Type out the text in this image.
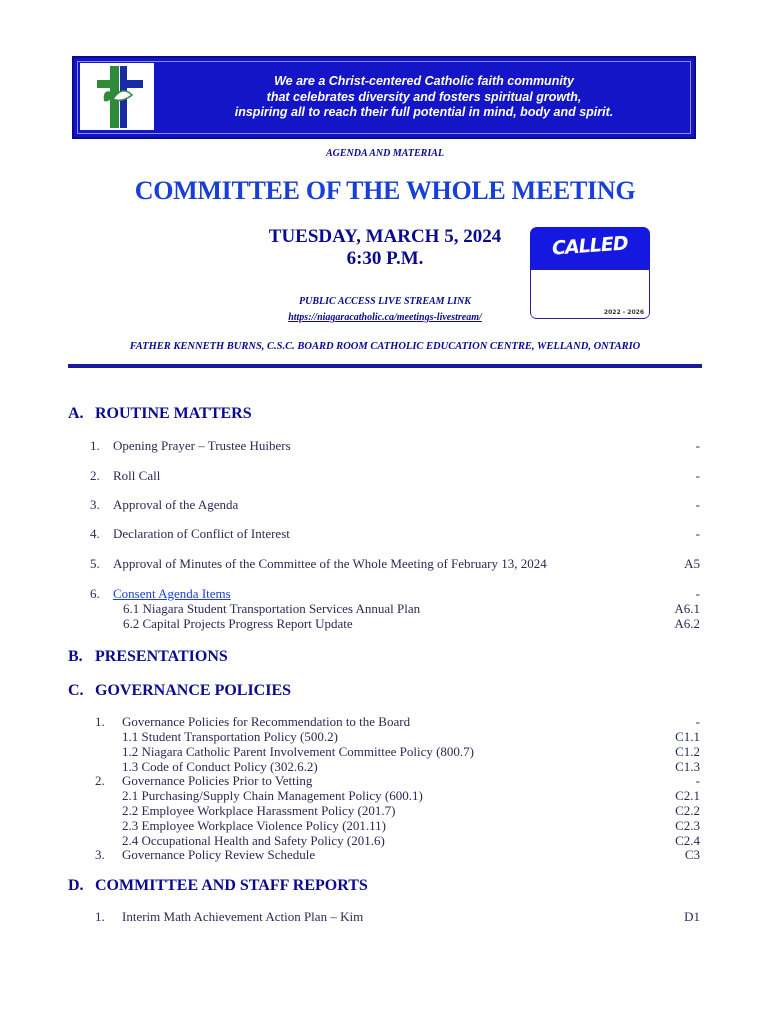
We are a Christ-centered Catholic faith community
that celebrates diversity and fosters spiritual growth,
inspiring all to reach their full potential in mind, body and spirit.
AGENDA AND MATERIAL
COMMITTEE OF THE WHOLE MEETING
TUESDAY, MARCH 5, 2024
6:30 P.M.
PUBLIC ACCESS LIVE STREAM LINK
https://niagaracatholic.ca/meetings-livestream/
CALLED
2022 - 2026
FATHER KENNETH BURNS, C.S.C. BOARD ROOM CATHOLIC EDUCATION CENTRE, WELLAND, ONTARIO
A. ROUTINE MATTERS
1. Opening Prayer – Trustee Huibers	-
2. Roll Call	-
3. Approval of the Agenda	-
4. Declaration of Conflict of Interest	-
5. Approval of Minutes of the Committee of the Whole Meeting of February 13, 2024	A5
6. Consent Agenda Items	-
6.1 Niagara Student Transportation Services Annual Plan	A6.1
6.2 Capital Projects Progress Report Update	A6.2
B. PRESENTATIONS
C. GOVERNANCE POLICIES
1. Governance Policies for Recommendation to the Board	-
1.1 Student Transportation Policy (500.2)	C1.1
1.2 Niagara Catholic Parent Involvement Committee Policy (800.7)	C1.2
1.3 Code of Conduct Policy (302.6.2)	C1.3
2. Governance Policies Prior to Vetting	-
2.1 Purchasing/Supply Chain Management Policy (600.1)	C2.1
2.2 Employee Workplace Harassment Policy (201.7)	C2.2
2.3 Employee Workplace Violence Policy (201.11)	C2.3
2.4 Occupational Health and Safety Policy (201.6)	C2.4
3. Governance Policy Review Schedule	C3
D. COMMITTEE AND STAFF REPORTS
1. Interim Math Achievement Action Plan – Kim	D1
